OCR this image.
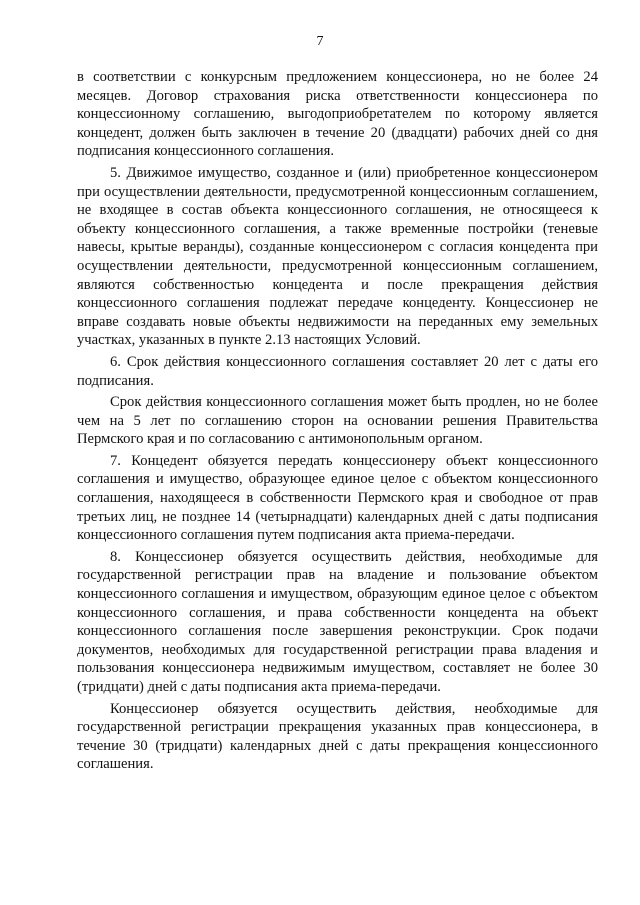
7

в соответствии с конкурсным предложением концессионера, но не более 24 месяцев. Договор страхования риска ответственности концессионера по концессионному соглашению, выгодоприобретателем по которому является концедент, должен быть заключен в течение 20 (двадцати) рабочих дней со дня подписания концессионного соглашения.

5. Движимое имущество, созданное и (или) приобретенное концессионером при осуществлении деятельности, предусмотренной концессионным соглашением, не входящее в состав объекта концессионного соглашения, не относящееся к объекту концессионного соглашения, а также временные постройки (теневые навесы, крытые веранды), созданные концессионером с согласия концедента при осуществлении деятельности, предусмотренной концессионным соглашением, являются собственностью концедента и после прекращения действия концессионного соглашения подлежат передаче концеденту. Концессионер не вправе создавать новые объекты недвижимости на переданных ему земельных участках, указанных в пункте 2.13 настоящих Условий.

6. Срок действия концессионного соглашения составляет 20 лет с даты его подписания.

Срок действия концессионного соглашения может быть продлен, но не более чем на 5 лет по соглашению сторон на основании решения Правительства Пермского края и по согласованию с антимонопольным органом.

7. Концедент обязуется передать концессионеру объект концессионного соглашения и имущество, образующее единое целое с объектом концессионного соглашения, находящееся в собственности Пермского края и свободное от прав третьих лиц, не позднее 14 (четырнадцати) календарных дней с даты подписания концессионного соглашения путем подписания акта приема-передачи.

8. Концессионер обязуется осуществить действия, необходимые для государственной регистрации прав на владение и пользование объектом концессионного соглашения и имуществом, образующим единое целое с объектом концессионного соглашения, и права собственности концедента на объект концессионного соглашения после завершения реконструкции. Срок подачи документов, необходимых для государственной регистрации права владения и пользования концессионера недвижимым имуществом, составляет не более 30 (тридцати) дней с даты подписания акта приема-передачи.

Концессионер обязуется осуществить действия, необходимые для государственной регистрации прекращения указанных прав концессионера, в течение 30 (тридцати) календарных дней с даты прекращения концессионного соглашения.
